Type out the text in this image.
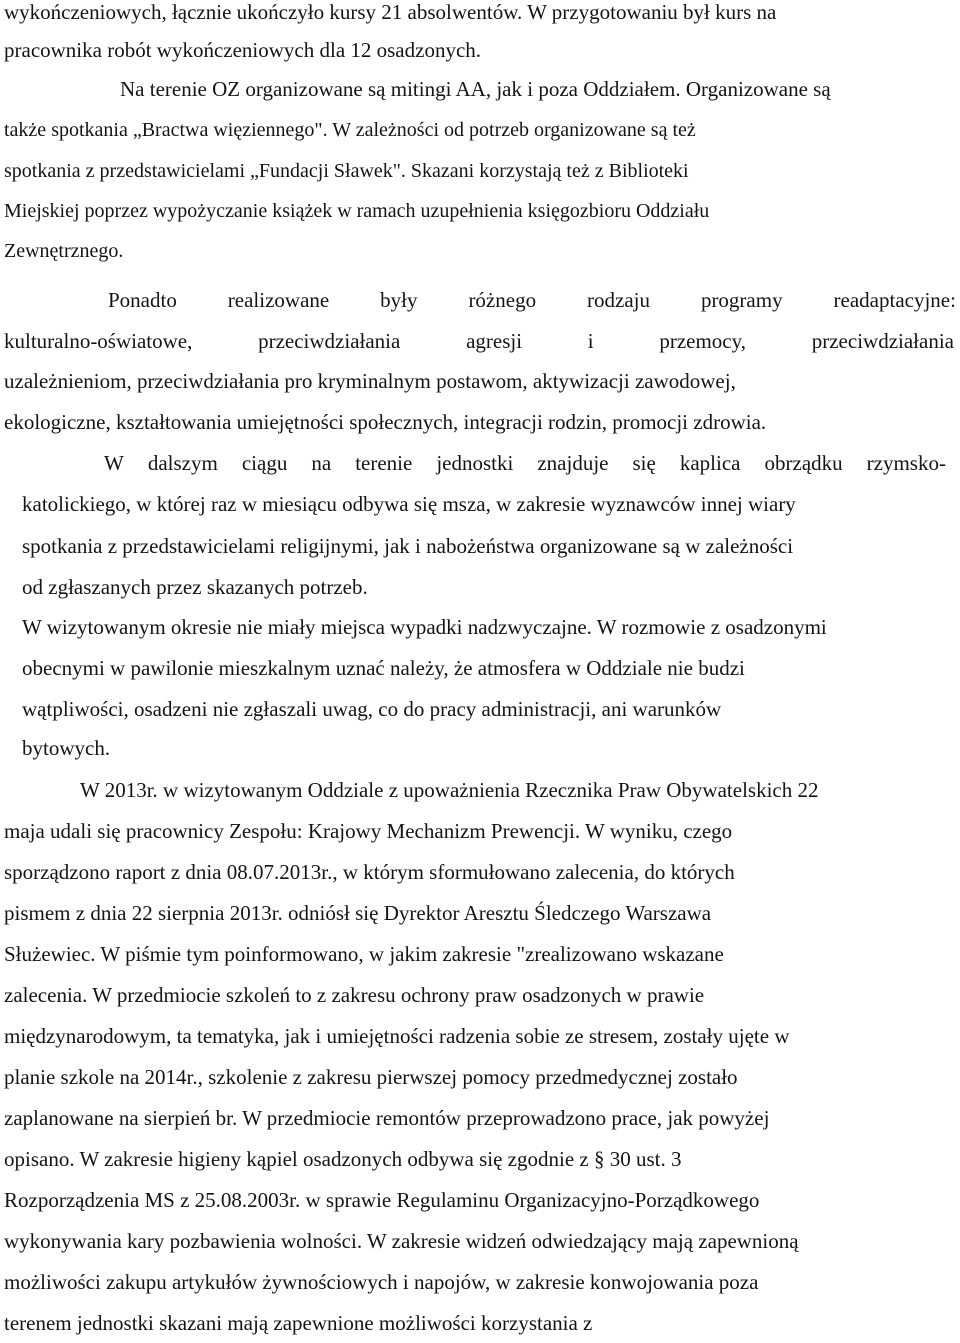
wykończeniowych, łącznie ukończyło kursy 21 absolwentów. W przygotowaniu był kurs na
pracownika robót wykończeniowych dla 12 osadzonych.
Na terenie OZ organizowane są mitingi AA, jak i poza Oddziałem. Organizowane są
także spotkania „Bractwa więziennego". W zależności od potrzeb organizowane są też
spotkania z przedstawicielami „Fundacji Sławek". Skazani korzystają też z Biblioteki
Miejskiej poprzez wypożyczanie książek w ramach uzupełnienia księgozbioru Oddziału
Zewnętrznego.
Ponadto realizowane były różnego rodzaju programy readaptacyjne:
kulturalno-oświatowe,	przeciwdziałania	agresji	i	przemocy,	przeciwdziałania
uzależnieniom, przeciwdziałania pro kryminalnym postawom, aktywizacji zawodowej,
ekologiczne, kształtowania umiejętności społecznych, integracji rodzin, promocji zdrowia.
W dalszym ciągu na terenie jednostki znajduje się kaplica obrządku rzymsko-
katolickiego, w której raz w miesiącu odbywa się msza, w zakresie wyznawców innej wiary
spotkania z przedstawicielami religijnymi, jak i nabożeństwa organizowane są w zależności
od zgłaszanych przez skazanych potrzeb.
W wizytowanym okresie nie miały miejsca wypadki nadzwyczajne. W rozmowie z osadzonymi
obecnymi w pawilonie mieszkalnym uznać należy, że atmosfera w Oddziale nie budzi
wątpliwości, osadzeni nie zgłaszali uwag, co do pracy administracji, ani warunków
bytowych.
W 2013r. w wizytowanym Oddziale z upoważnienia Rzecznika Praw Obywatelskich 22
maja udali się pracownicy Zespołu: Krajowy Mechanizm Prewencji. W wyniku, czego
sporządzono raport z dnia 08.07.2013r., w którym sformułowano zalecenia, do których
pismem z dnia 22 sierpnia 2013r. odniósł się Dyrektor Aresztu Śledczego Warszawa
Służewiec. W piśmie tym poinformowano, w jakim zakresie "zrealizowano wskazane
zalecenia. W przedmiocie szkoleń to z zakresu ochrony praw osadzonych w prawie
międzynarodowym, ta tematyka, jak i umiejętności radzenia sobie ze stresem, zostały ujęte w
planie szkole na 2014r., szkolenie z zakresu pierwszej pomocy przedmedycznej zostało
zaplanowane na sierpień br. W przedmiocie remontów przeprowadzono prace, jak powyżej
opisano. W zakresie higieny kąpiel osadzonych odbywa się zgodnie z § 30 ust. 3
Rozporządzenia MS z 25.08.2003r. w sprawie Regulaminu Organizacyjno-Porządkowego
wykonywania kary pozbawienia wolności. W zakresie widzeń odwiedzający mają zapewnioną
możliwości zakupu artykułów żywnościowych i napojów, w zakresie konwojowania poza
terenem jednostki skazani mają zapewnione możliwości korzystania z
